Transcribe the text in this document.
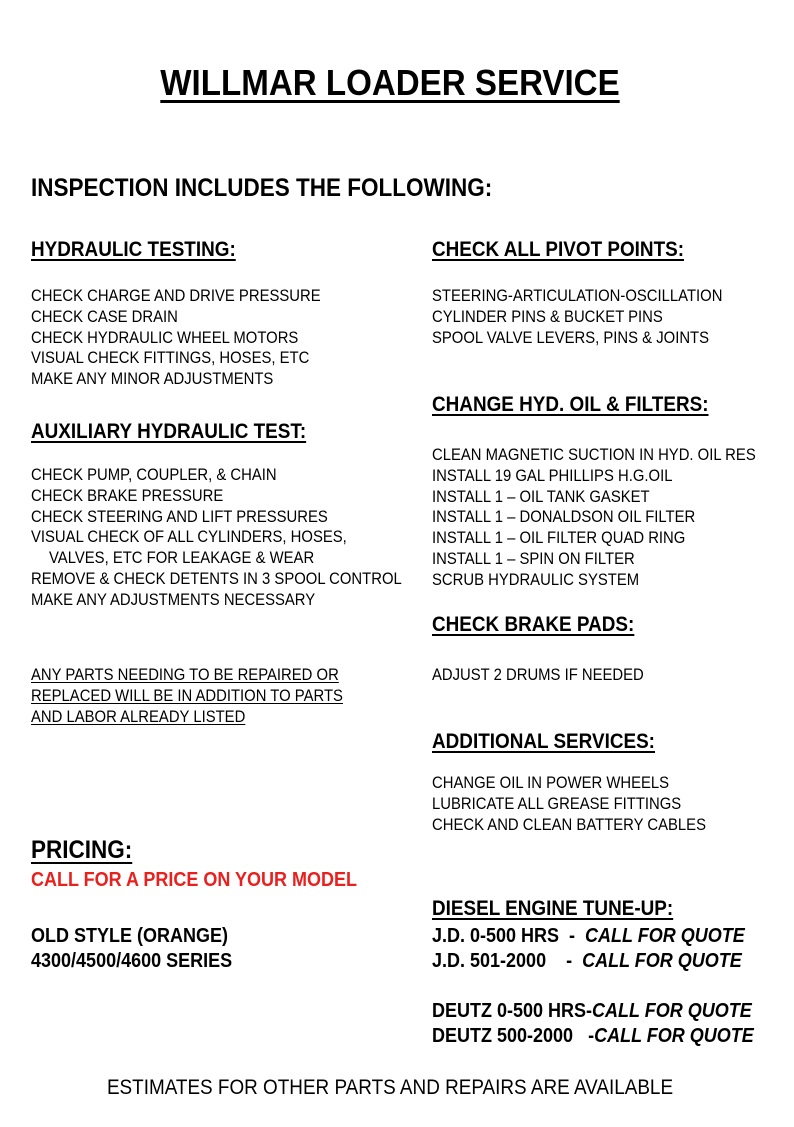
WILLMAR LOADER SERVICE
INSPECTION INCLUDES THE FOLLOWING:
HYDRAULIC TESTING:
CHECK CHARGE AND DRIVE PRESSURE
CHECK CASE DRAIN
CHECK HYDRAULIC WHEEL MOTORS
VISUAL CHECK FITTINGS, HOSES, ETC
MAKE ANY MINOR ADJUSTMENTS
AUXILIARY HYDRAULIC TEST:
CHECK PUMP, COUPLER, & CHAIN
CHECK BRAKE PRESSURE
CHECK STEERING AND LIFT PRESSURES
VISUAL CHECK OF ALL CYLINDERS, HOSES,
VALVES, ETC FOR LEAKAGE & WEAR
REMOVE & CHECK DETENTS IN 3 SPOOL CONTROL
MAKE ANY ADJUSTMENTS NECESSARY
ANY PARTS NEEDING TO BE REPAIRED OR
REPLACED WILL BE IN ADDITION TO PARTS
AND LABOR ALREADY LISTED
CHECK ALL PIVOT POINTS:
STEERING-ARTICULATION-OSCILLATION
CYLINDER PINS & BUCKET PINS
SPOOL VALVE LEVERS, PINS & JOINTS
CHANGE HYD. OIL & FILTERS:
CLEAN MAGNETIC SUCTION IN HYD. OIL RES
INSTALL 19 GAL PHILLIPS H.G.OIL
INSTALL 1 – OIL TANK GASKET
INSTALL 1 – DONALDSON OIL FILTER
INSTALL 1 – OIL FILTER QUAD RING
INSTALL 1 – SPIN ON FILTER
SCRUB HYDRAULIC SYSTEM
CHECK BRAKE PADS:
ADJUST 2 DRUMS IF NEEDED
ADDITIONAL SERVICES:
CHANGE OIL IN POWER WHEELS
LUBRICATE ALL GREASE FITTINGS
CHECK AND CLEAN BATTERY CABLES
PRICING:
CALL FOR A PRICE ON YOUR MODEL
OLD STYLE (ORANGE)
4300/4500/4600 SERIES
DIESEL ENGINE TUNE-UP:
J.D. 0-500 HRS  -  CALL FOR QUOTE
J.D. 501-2000    -  CALL FOR QUOTE
DEUTZ 0-500 HRS-CALL FOR QUOTE
DEUTZ 500-2000   -CALL FOR QUOTE
ESTIMATES FOR OTHER PARTS AND REPAIRS ARE AVAILABLE
